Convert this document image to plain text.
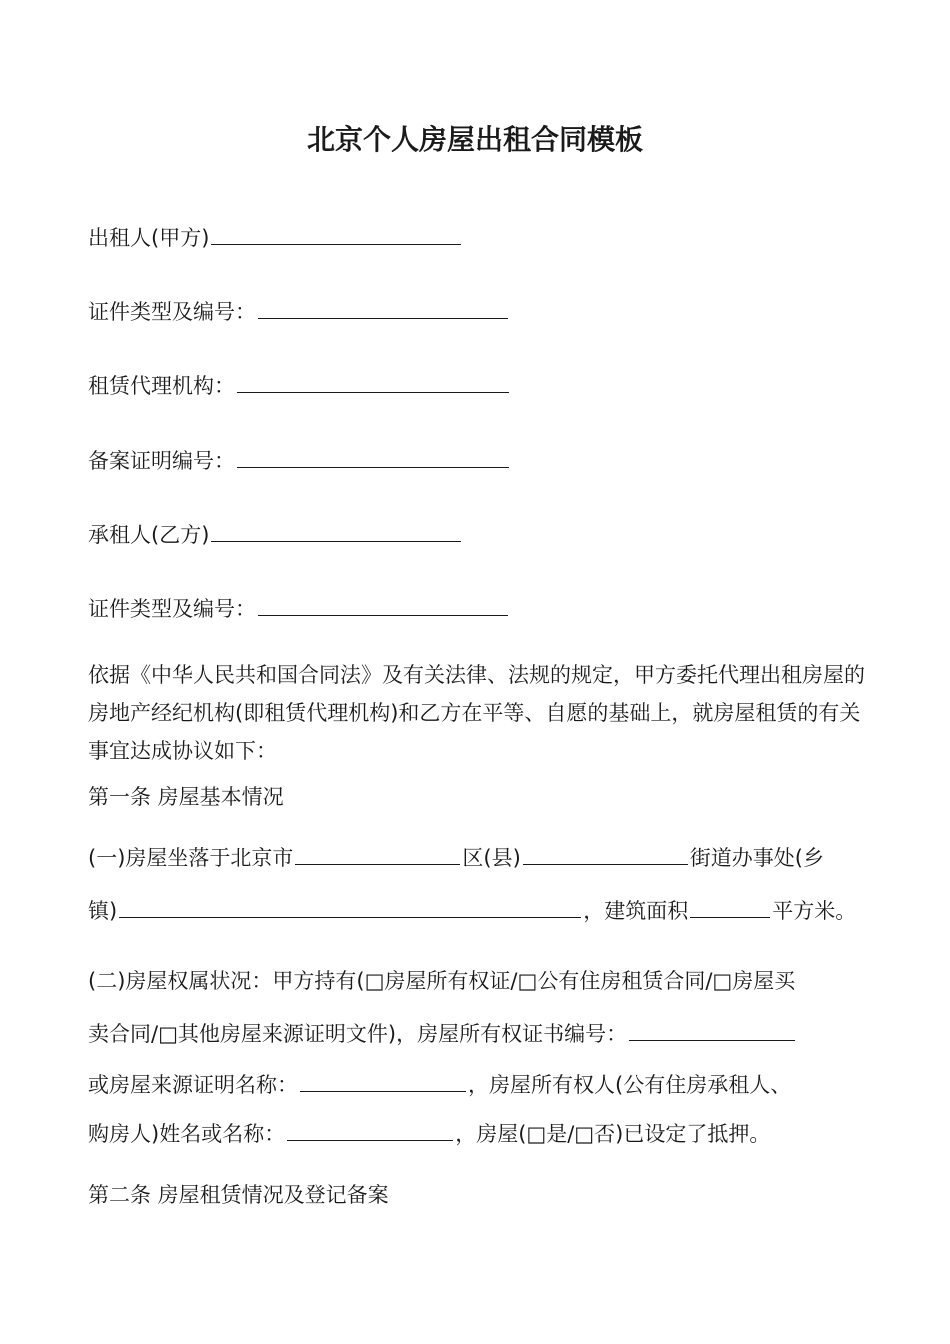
北京个人房屋出租合同模板
出租人(甲方)
证件类型及编号：
租赁代理机构：
备案证明编号：
承租人(乙方)
证件类型及编号：
依据《中华人民共和国合同法》及有关法律、法规的规定，甲方委托代理出租房屋的房地产经纪机构(即租赁代理机构)和乙方在平等、自愿的基础上，就房屋租赁的有关事宜达成协议如下：
第一条 房屋基本情况
(一)房屋坐落于北京市	区(县)	街道办事处(乡
镇)	，建筑面积	平方米。
(二)房屋权属状况：甲方持有(□房屋所有权证/□公有住房租赁合同/□房屋买
卖合同/□其他房屋来源证明文件)，房屋所有权证书编号：
或房屋来源证明名称：	，房屋所有权人(公有住房承租人、
购房人)姓名或名称：	，房屋(□是/□否)已设定了抵押。
第二条 房屋租赁情况及登记备案
